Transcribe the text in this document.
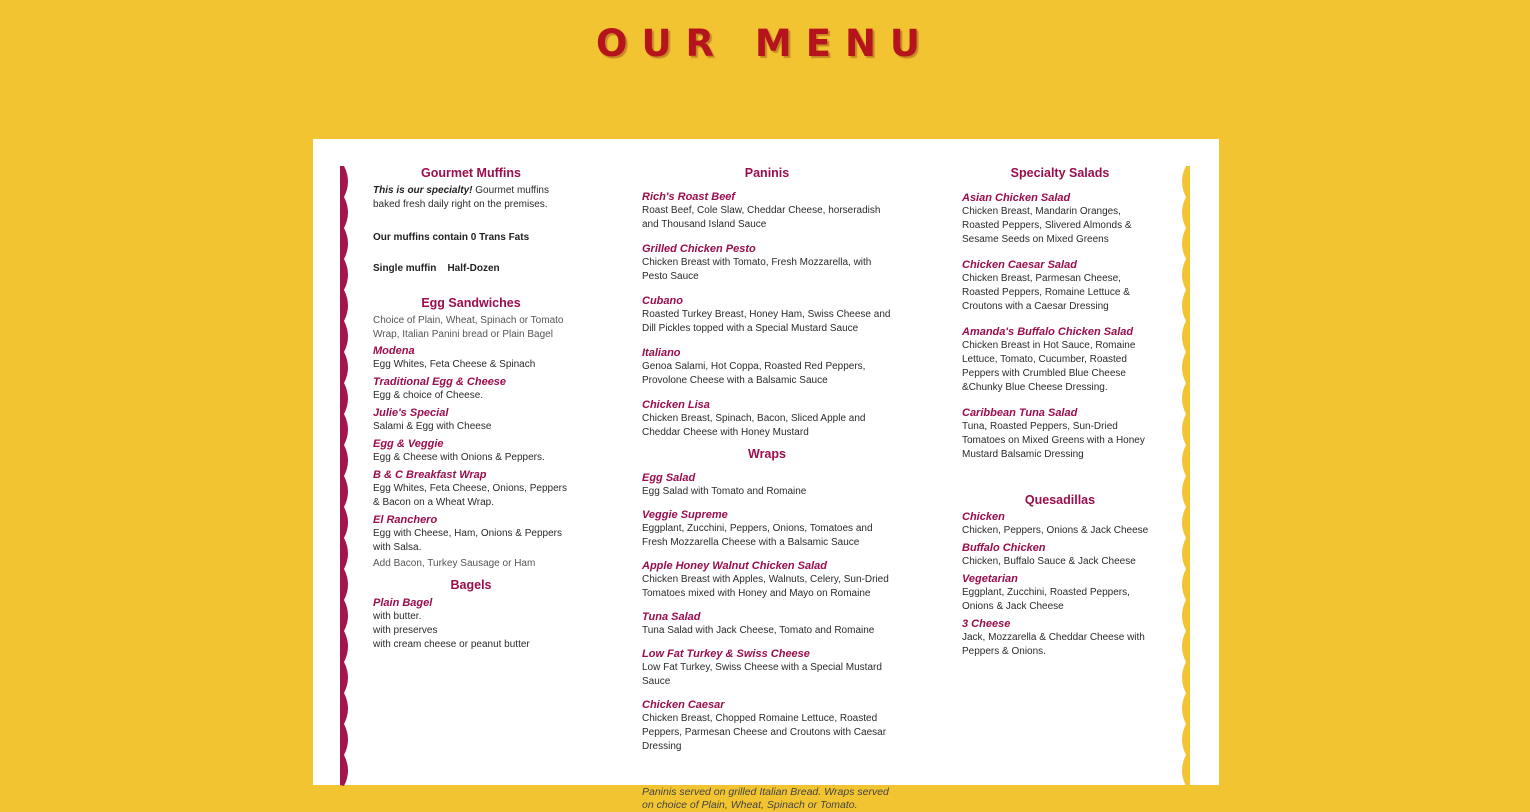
OUR MENU
Gourmet Muffins

This is our specialty! Gourmet muffins baked fresh daily right on the premises.

Our muffins contain 0 Trans Fats

Single muffin    Half-Dozen

Egg Sandwiches

Choice of Plain, Wheat, Spinach or Tomato Wrap, Italian Panini bread or Plain Bagel

Modena

Egg Whites, Feta Cheese & Spinach

Traditional Egg & Cheese

Egg & choice of Cheese.

Julie's Special

Salami & Egg with Cheese

Egg & Veggie

Egg & Cheese with Onions & Peppers.

B & C Breakfast Wrap

Egg Whites, Feta Cheese, Onions, Peppers & Bacon on a Wheat Wrap.

El Ranchero

Egg with Cheese, Ham, Onions & Peppers with Salsa.

Add Bacon, Turkey Sausage or Ham

Bagels

Plain Bagel

with butter.

with preserves

with cream cheese or peanut butter

Paninis

Rich's Roast Beef

Roast Beef, Cole Slaw, Cheddar Cheese, horseradish and Thousand Island Sauce

Grilled Chicken Pesto

Chicken Breast with Tomato, Fresh Mozzarella, with Pesto Sauce

Cubano

Roasted Turkey Breast, Honey Ham, Swiss Cheese and Dill Pickles topped with a Special Mustard Sauce

Italiano

Genoa Salami, Hot Coppa, Roasted Red Peppers, Provolone Cheese with a Balsamic Sauce

Chicken Lisa

Chicken Breast, Spinach, Bacon, Sliced Apple and Cheddar Cheese with Honey Mustard

Wraps

Egg Salad

Egg Salad with Tomato and Romaine

Veggie Supreme

Eggplant, Zucchini, Peppers, Onions, Tomatoes and Fresh Mozzarella Cheese with a Balsamic Sauce

Apple Honey Walnut Chicken Salad

Chicken Breast with Apples, Walnuts, Celery, Sun-Dried Tomatoes mixed with Honey and Mayo on Romaine

Tuna Salad

Tuna Salad with Jack Cheese, Tomato and Romaine

Low Fat Turkey & Swiss Cheese

Low Fat Turkey, Swiss Cheese with a Special Mustard Sauce

Chicken Caesar

Chicken Breast, Chopped Romaine Lettuce, Roasted Peppers, Parmesan Cheese and Croutons with Caesar Dressing

Paninis served on grilled Italian Bread. Wraps served on choice of Plain, Wheat, Spinach or Tomato.

Specialty Salads

Asian Chicken Salad

Chicken Breast, Mandarin Oranges, Roasted Peppers, Slivered Almonds & Sesame Seeds on Mixed Greens

Chicken Caesar Salad

Chicken Breast, Parmesan Cheese, Roasted Peppers, Romaine Lettuce & Croutons with a Caesar Dressing

Amanda's Buffalo Chicken Salad

Chicken Breast in Hot Sauce, Romaine Lettuce, Tomato, Cucumber, Roasted Peppers with Crumbled Blue Cheese &Chunky Blue Cheese Dressing.

Caribbean Tuna Salad

Tuna, Roasted Peppers, Sun-Dried Tomatoes on Mixed Greens with a Honey Mustard Balsamic Dressing

Quesadillas

Chicken

Chicken, Peppers, Onions & Jack Cheese

Buffalo Chicken

Chicken, Buffalo Sauce & Jack Cheese

Vegetarian

Eggplant, Zucchini, Roasted Peppers, Onions & Jack Cheese

3 Cheese

Jack, Mozzarella & Cheddar Cheese with Peppers & Onions.
